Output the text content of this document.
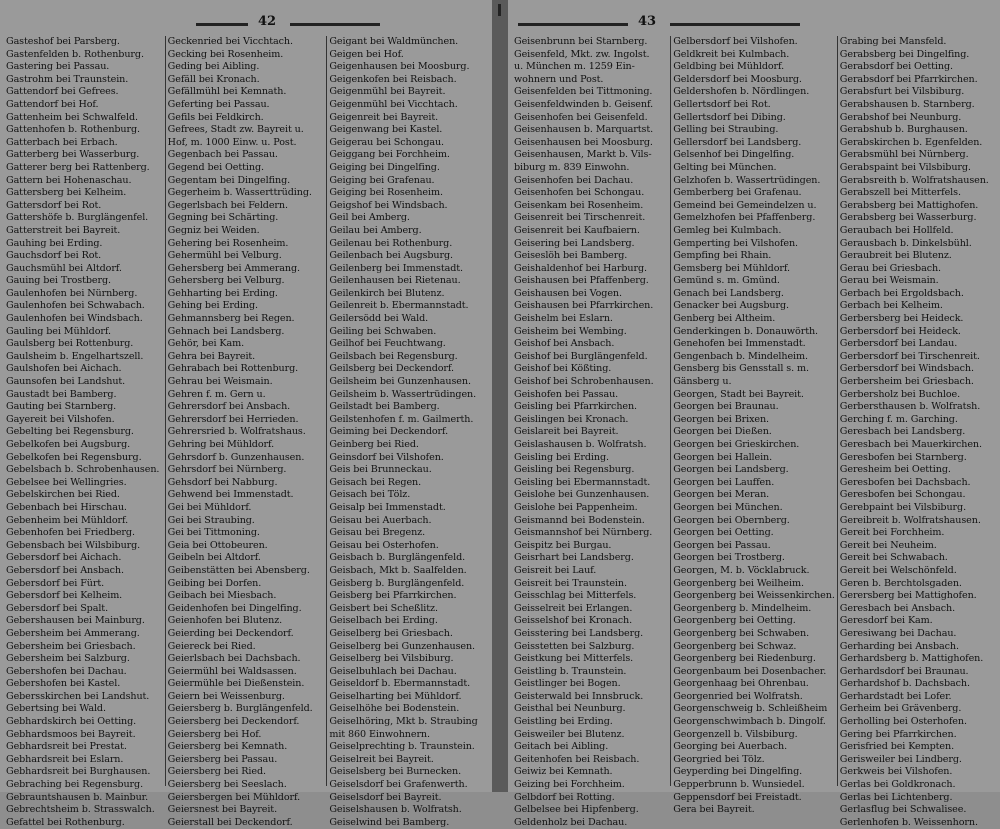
42
Gasteshof bei Parsberg.
Gastenfelden b. Rothenburg.
Gastering bei Passau.
Gastrohm bei Traunstein.
Gattendorf bei Gefrees.
Gattendorf bei Hof.
Gattenheim bei Schwalfeld.
Gattenhofen b. Rothenburg.
Gatterbach bei Erbach.
Gatterberg bei Wasserburg.
Gatterer berg bei Rattenberg.
Gattern bei Hohenaschau.
Gattersberg bei Kelheim.
Gattersdorf bei Rot.
Gattershöfe b. Burglängenfel.
Gatterstreit bei Bayreit.
Gauhing bei Erding.
Gauchsdorf bei Rot.
Gauchsmühl bei Altdorf.
Gauing bei Trostberg.
Gaulenhofen bei Nürnberg.
Gaulenhofen bei Schwabach.
Gaulenhofen bei Windsbach.
Gauling bei Mühldorf.
Gaulsberg bei Rottenburg.
Gaulsheim b. Engelhartszell.
Gaulshofen bei Aichach.
Gaunsofen bei Landshut.
Gaustadt bei Bamberg.
Gauting bei Starnberg.
Gayereit bei Vilshofen.
Gebelting bei Regensburg.
Gebelkofen bei Augsburg.
Gebelkofen bei Regensburg.
Gebelsbach b. Schrobenhausen.
Gebelsee bei Wellingries.
Gebelskirchen bei Ried.
Gebenbach bei Hirschau.
Gebenheim bei Mühldorf.
Gebenhofen bei Friedberg.
Gebensbach bei Wilsbiburg.
Gebersdorf bei Aichach.
Gebersdorf bei Ansbach.
Gebersdorf bei Fürt.
Gebersdorf bei Kelheim.
Gebersdorf bei Spalt.
Gebershausen bei Mainburg.
Gebersheim bei Ammerang.
Gebersheim bei Griesbach.
Gebersheim bei Salzburg.
Gebershofen bei Dachau.
Gebershofen bei Kastel.
Gebersskirchen bei Landshut.
Gebertsing bei Wald.
Gebhardskirch bei Oetting.
Gebhardsmoos bei Bayreit.
Gebhardsreit bei Prestat.
Gebhardsreit bei Eslarn.
Gebhardsreit bei Burghausen.
Gebraching bei Regensburg.
Gebrauntshausen b. Mainbur.
Gebrechtsheim b. Strasswalch.
Gefattel bei Rothenburg.
Geckenried bei Vicchtach.
Gecking bei Rosenheim.
Geding bei Aibling.
Gefäll bei Kronach.
Gefällmühl bei Kemnath.
Geferting bei Passau.
Gefils bei Feldkirch.
Gefrees, Stadt zw. Bayreit u.
Hof, m. 1000 Einw. u. Post.
Gegenbach bei Passau.
Gegend bei Oetting.
Gegentam bei Dingelfing.
Gegerheim b. Wasserttrüding.
Gegerlsbach bei Feldern.
Gegning bei Schärting.
Gegniz bei Weiden.
Gehering bei Rosenheim.
Gehermühl bei Velburg.
Gehersberg bei Ammerang.
Gehersberg bei Velburg.
Gehharting bei Erding.
Gehing bei Erding.
Gehmannsberg bei Regen.
Gehnach bei Landsberg.
Gehör, bei Kam.
Gehra bei Bayreit.
Gehrabach bei Rottenburg.
Gehrau bei Weismain.
Gehren f. m. Gern u.
Gehrersdorf bei Ansbach.
Gehrersdorf bei Herrieden.
Gehrersried b. Wolfratshaus.
Gehring bei Mühldorf.
Gehrsdorf b. Gunzenhausen.
Gehrsdorf bei Nürnberg.
Gehsdorf bei Nabburg.
Gehwend bei Immenstadt.
Gei bei Mühldorf.
Gei bei Straubing.
Gei bei Tittmoning.
Geia bei Ottobeuren.
Geibeln bei Altdorf.
Geibenstätten bei Abensberg.
Geibing bei Dorfen.
Geibach bei Miesbach.
Geidenhofen bei Dingelfing.
Geienhofen bei Blutenz.
Geierding bei Deckendorf.
Geiereck bei Ried.
Geierlsbach bei Dachsbach.
Geiermühl bei Waldsassen.
Geiermühle bei Dießenstein.
Geiern bei Weissenburg.
Geiersberg b. Burglängenfeld.
Geiersberg bei Deckendorf.
Geiersberg bei Hof.
Geiersberg bei Kemnath.
Geiersberg bei Passau.
Geiersberg bei Ried.
Geiersberg bei Seeslach.
Geiersbergen bei Mühldorf.
Geiersnest bei Bayreit.
Geierstall bei Deckendorf.
Geigant bei Waldmünchen.
Geigen bei Hof.
Geigenhausen bei Moosburg.
Geigenkofen bei Reisbach.
Geigenmühl bei Bayreit.
Geigenmühl bei Vicchtach.
Geigenreit bei Bayreit.
Geigenwang bei Kastel.
Geigerau bei Schongau.
Geiggang bei Forchheim.
Geiging bei Dingelfing.
Geiging bei Grafenau.
Geiging bei Rosenheim.
Geigshof bei Windsbach.
Geil bei Amberg.
Geilau bei Amberg.
Geilenau bei Rothenburg.
Geilenbach bei Augsburg.
Geilenberg bei Immenstadt.
Geilenhausen bei Rietenau.
Geilenkirch bei Blutenz.
Geilenreit b. Ebermannstadt.
Geilersödd bei Wald.
Geiling bei Schwaben.
Geilhof bei Feuchtwang.
Geilsbach bei Regensburg.
Geilsberg bei Deckendorf.
Geilsheim bei Gunzenhausen.
Geilsheim b. Wassertrüdingen.
Geilstadt bei Bamberg.
Geilstenhofen f. m. Gailmerth.
Geiming bei Deckendorf.
Geinberg bei Ried.
Geinsdorf bei Vilshofen.
Geis bei Brunneckau.
Geisach bei Regen.
Geisach bei Tölz.
Geisalp bei Immenstadt.
Geisau bei Auerbach.
Geisau bei Bregenz.
Geisau bei Osterhofen.
Geisbach b. Burglängenfeld.
Geisbach, Mkt b. Saalfelden.
Geisberg b. Burglängenfeld.
Geisberg bei Pfarrkirchen.
Geisbert bei Scheßlitz.
Geiselbach bei Erding.
Geiselberg bei Griesbach.
Geiselberg bei Gunzenhausen.
Geiselberg bei Vilsbiburg.
Geiselbuhlach bei Dachau.
Geiseldorf b. Ebermannstadt.
Geiselharting bei Mühldorf.
Geiselhöhe bei Bodenstein.
Geiselhöring, Mkt b. Straubing
mit 860 Einwohnern.
Geiselprechting b. Traunstein.
Geiselreit bei Bayreit.
Geiselsberg bei Burnecken.
Geiselsdorf bei Grafenwerth.
Geiselsdorf bei Bayreit.
Geiselshausen b. Wolfratsh.
Geiselwind bei Bamberg.
43
Geisenbrunn bei Starnberg.
Geisenfeld, Mkt. zw. Ingolst.
u. München m. 1259 Ein-
wohnern und Post.
Geisenfelden bei Tittmoning.
Geisenfeldwinden b. Geisenf.
Geisenhofen bei Geisenfeld.
Geisenhausen b. Marquartst.
Geisenhausen bei Moosburg.
Geisenhausen, Markt b. Vils-
biburg m. 839 Einwohn.
Geisenhofen bei Dachau.
Geisenhofen bei Schongau.
Geisenkam bei Rosenheim.
Geisenreit bei Tirschenreit.
Geisenreit bei Kaufbaiern.
Geisering bei Landsberg.
Geiseslöh bei Bamberg.
Geishaldenhof bei Harburg.
Geishausen bei Pfaffenberg.
Geishausen bei Vogen.
Geishausen bei Pfarrkirchen.
Geishelm bei Eslarn.
Geisheim bei Wembing.
Geishof bei Ansbach.
Geishof bei Burglängenfeld.
Geishof bei Kößting.
Geishof bei Schrobenhausen.
Geishofen bei Passau.
Geisling bei Pfarrkirchen.
Geislingen bei Kronach.
Geislareit bei Bayreit.
Geislashausen b. Wolfratsh.
Geisling bei Erding.
Geisling bei Regensburg.
Geisling bei Ebermannstadt.
Geislohe bei Gunzenhausen.
Geislohe bei Pappenheim.
Geismannd bei Bodenstein.
Geismannshof bei Nürnberg.
Geispitz bei Burgau.
Geisrhart bei Landsberg.
Geisreit bei Lauf.
Geisreit bei Traunstein.
Geisschlag bei Mitterfels.
Geisselreit bei Erlangen.
Geisselshof bei Kronach.
Geisstering bei Landsberg.
Geisstetten bei Salzburg.
Geistkung bei Mitterfels.
Geistling b. Traunstein.
Geistlinger bei Bogen.
Geisterwald bei Innsbruck.
Geisthal bei Neunburg.
Geistling bei Erding.
Geisweiler bei Blutenz.
Geitach bei Aibling.
Geitenhofen bei Reisbach.
Geiwiz bei Kemnath.
Geizing bei Forchheim.
Gelbdorf bei Rotting.
Gelbelsee bei Hipfenberg.
Geldenholz bei Dachau.
Gelbersdorf bei Vilshofen.
Geldkreit bei Kulmbach.
Geldbing bei Mühldorf.
Geldersdorf bei Moosburg.
Geldershofen b. Nördlingen.
Gellertsdorf bei Rot.
Gellertsdorf bei Dibing.
Gelling bei Straubing.
Gellersdorf bei Landsberg.
Gelsenhof bei Dingelfing.
Gelting bei München.
Gelzhofen b. Wassertrüdingen.
Gemberberg bei Grafenau.
Gemeind bei Gemeindelzen u.
Gemelzhofen bei Pfaffenberg.
Gemleg bei Kulmbach.
Gemperting bei Vilshofen.
Gempfing bei Rhain.
Gemsberg bei Mühldorf.
Gemünd s. m. Gmünd.
Genach bei Landsberg.
Genacker bei Augsburg.
Genberg bei Altheim.
Genderkingen b. Donauwörth.
Genehofen bei Immenstadt.
Gengenbach b. Mindelheim.
Gensberg bis Gensstall s. m.
Gänsberg u.
Georgen, Stadt bei Bayreit.
Georgen bei Braunau.
Georgen bei Brixen.
Georgen bei Dießen.
Georgen bei Grieskirchen.
Georgen bei Hallein.
Georgen bei Landsberg.
Georgen bei Lauffen.
Georgen bei Meran.
Georgen bei München.
Georgen bei Obernberg.
Georgen bei Oetting.
Georgen bei Passau.
Georgen bei Trostberg.
Georgen, M. b. Vöcklabruck.
Georgenberg bei Weilheim.
Georgenberg bei Weissenkirchen.
Georgenberg b. Mindelheim.
Georgenberg bei Oetting.
Georgenberg bei Schwaben.
Georgenberg bei Schwaz.
Georgenberg bei Riedenburg.
Georgenbaum bei Dosenbacher.
Georgenhaag bei Ohrenbau.
Georgenried bei Wolfratsh.
Georgenschweig b. Schleißheim
Georgenschwimbach b. Dingolf.
Georgenzell b. Vilsbiburg.
Georging bei Auerbach.
Georgried bei Tölz.
Geyperding bei Dingelfing.
Gepperbrunn b. Wunsiedel.
Geppensdorf bei Freistadt.
Gera bei Bayreit.
Grabing bei Mansfeld.
Gerabsberg bei Dingelfing.
Gerabsdorf bei Oetting.
Gerabsdorf bei Pfarrkirchen.
Gerabsfurt bei Vilsbiburg.
Gerabshausen b. Starnberg.
Gerabshof bei Neunburg.
Gerabshub b. Burghausen.
Gerabskirchen b. Egenfelden.
Gerabsmühl bei Nürnberg.
Gerabspaint bei Vilsbiburg.
Gerabsreith b. Wolfratshausen.
Gerabszell bei Mitterfels.
Gerabsberg bei Mattighofen.
Gerabsberg bei Wasserburg.
Geraubach bei Hollfeld.
Gerausbach b. Dinkelsbühl.
Geraubreit bei Blutenz.
Gerau bei Griesbach.
Gerau bei Weismain.
Gerbach bei Ergoldsbach.
Gerbach bei Kelheim.
Gerbersberg bei Heideck.
Gerbersdorf bei Heideck.
Gerbersdorf bei Landau.
Gerbersdorf bei Tirschenreit.
Gerbersdorf bei Windsbach.
Gerbersheim bei Griesbach.
Gerbersholz bei Buchloe.
Gerbersthausen b. Wolfratsh.
Gerching f. m. Garching.
Geresbach bei Landsberg.
Geresbach bei Mauerkirchen.
Geresbofen bei Starnberg.
Geresheim bei Oetting.
Geresbofen bei Dachsbach.
Geresbofen bei Schongau.
Gerebpaint bei Vilsbiburg.
Gereibreit b. Wolfratshausen.
Gereit bei Forchheim.
Gereit bei Neuheim.
Gereit bei Schwabach.
Gereit bei Welschönfeld.
Geren b. Berchtolsgaden.
Gerersberg bei Mattighofen.
Geresbach bei Ansbach.
Geresdorf bei Kam.
Geresiwang bei Dachau.
Gerharding bei Ansbach.
Gerhardsberg b. Mattighofen.
Gerhardsdorf bei Braunau.
Gerhardshof b. Dachsbach.
Gerhardstadt bei Lofer.
Gerheim bei Grävenberg.
Gerholling bei Osterhofen.
Gering bei Pfarrkirchen.
Gerisfried bei Kempten.
Gerisweiler bei Lindberg.
Gerkweis bei Vilshofen.
Gerlas bei Goldkronach.
Gerlas bei Lichtenberg.
Gerlasflug bei Schwalisee.
Gerlenhofen b. Weissenhorn.
